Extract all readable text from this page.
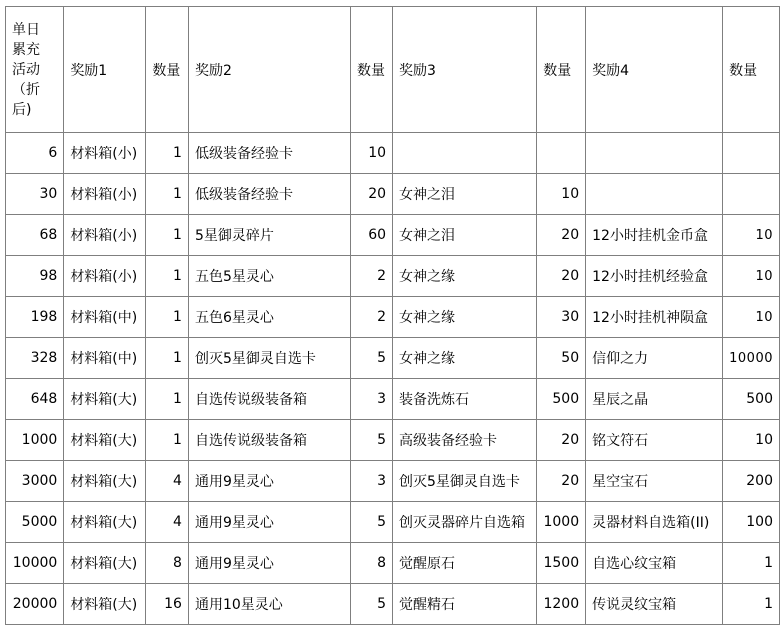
单日
累充
活动
（折
后)	奖励1	数量	奖励2	数量	奖励3	数量	奖励4	数量
6	材料箱(小)	1	低级装备经验卡	10				
30	材料箱(小)	1	低级装备经验卡	20	女神之泪	10		
68	材料箱(小)	1	5星御灵碎片	60	女神之泪	20	12小时挂机金币盒	10
98	材料箱(小)	1	五色5星灵心	2	女神之缘	20	12小时挂机经验盒	10
198	材料箱(中)	1	五色6星灵心	2	女神之缘	30	12小时挂机神陨盒	10
328	材料箱(中)	1	创灭5星御灵自选卡	5	女神之缘	50	信仰之力	10000
648	材料箱(大)	1	自选传说级装备箱	3	装备洗炼石	500	星辰之晶	500
1000	材料箱(大)	1	自选传说级装备箱	5	高级装备经验卡	20	铭文符石	10
3000	材料箱(大)	4	通用9星灵心	3	创灭5星御灵自选卡	20	星空宝石	200
5000	材料箱(大)	4	通用9星灵心	5	创灭灵器碎片自选箱	1000	灵器材料自选箱(II)	100
10000	材料箱(大)	8	通用9星灵心	8	觉醒原石	1500	自选心纹宝箱	1
20000	材料箱(大)	16	通用10星灵心	5	觉醒精石	1200	传说灵纹宝箱	1
